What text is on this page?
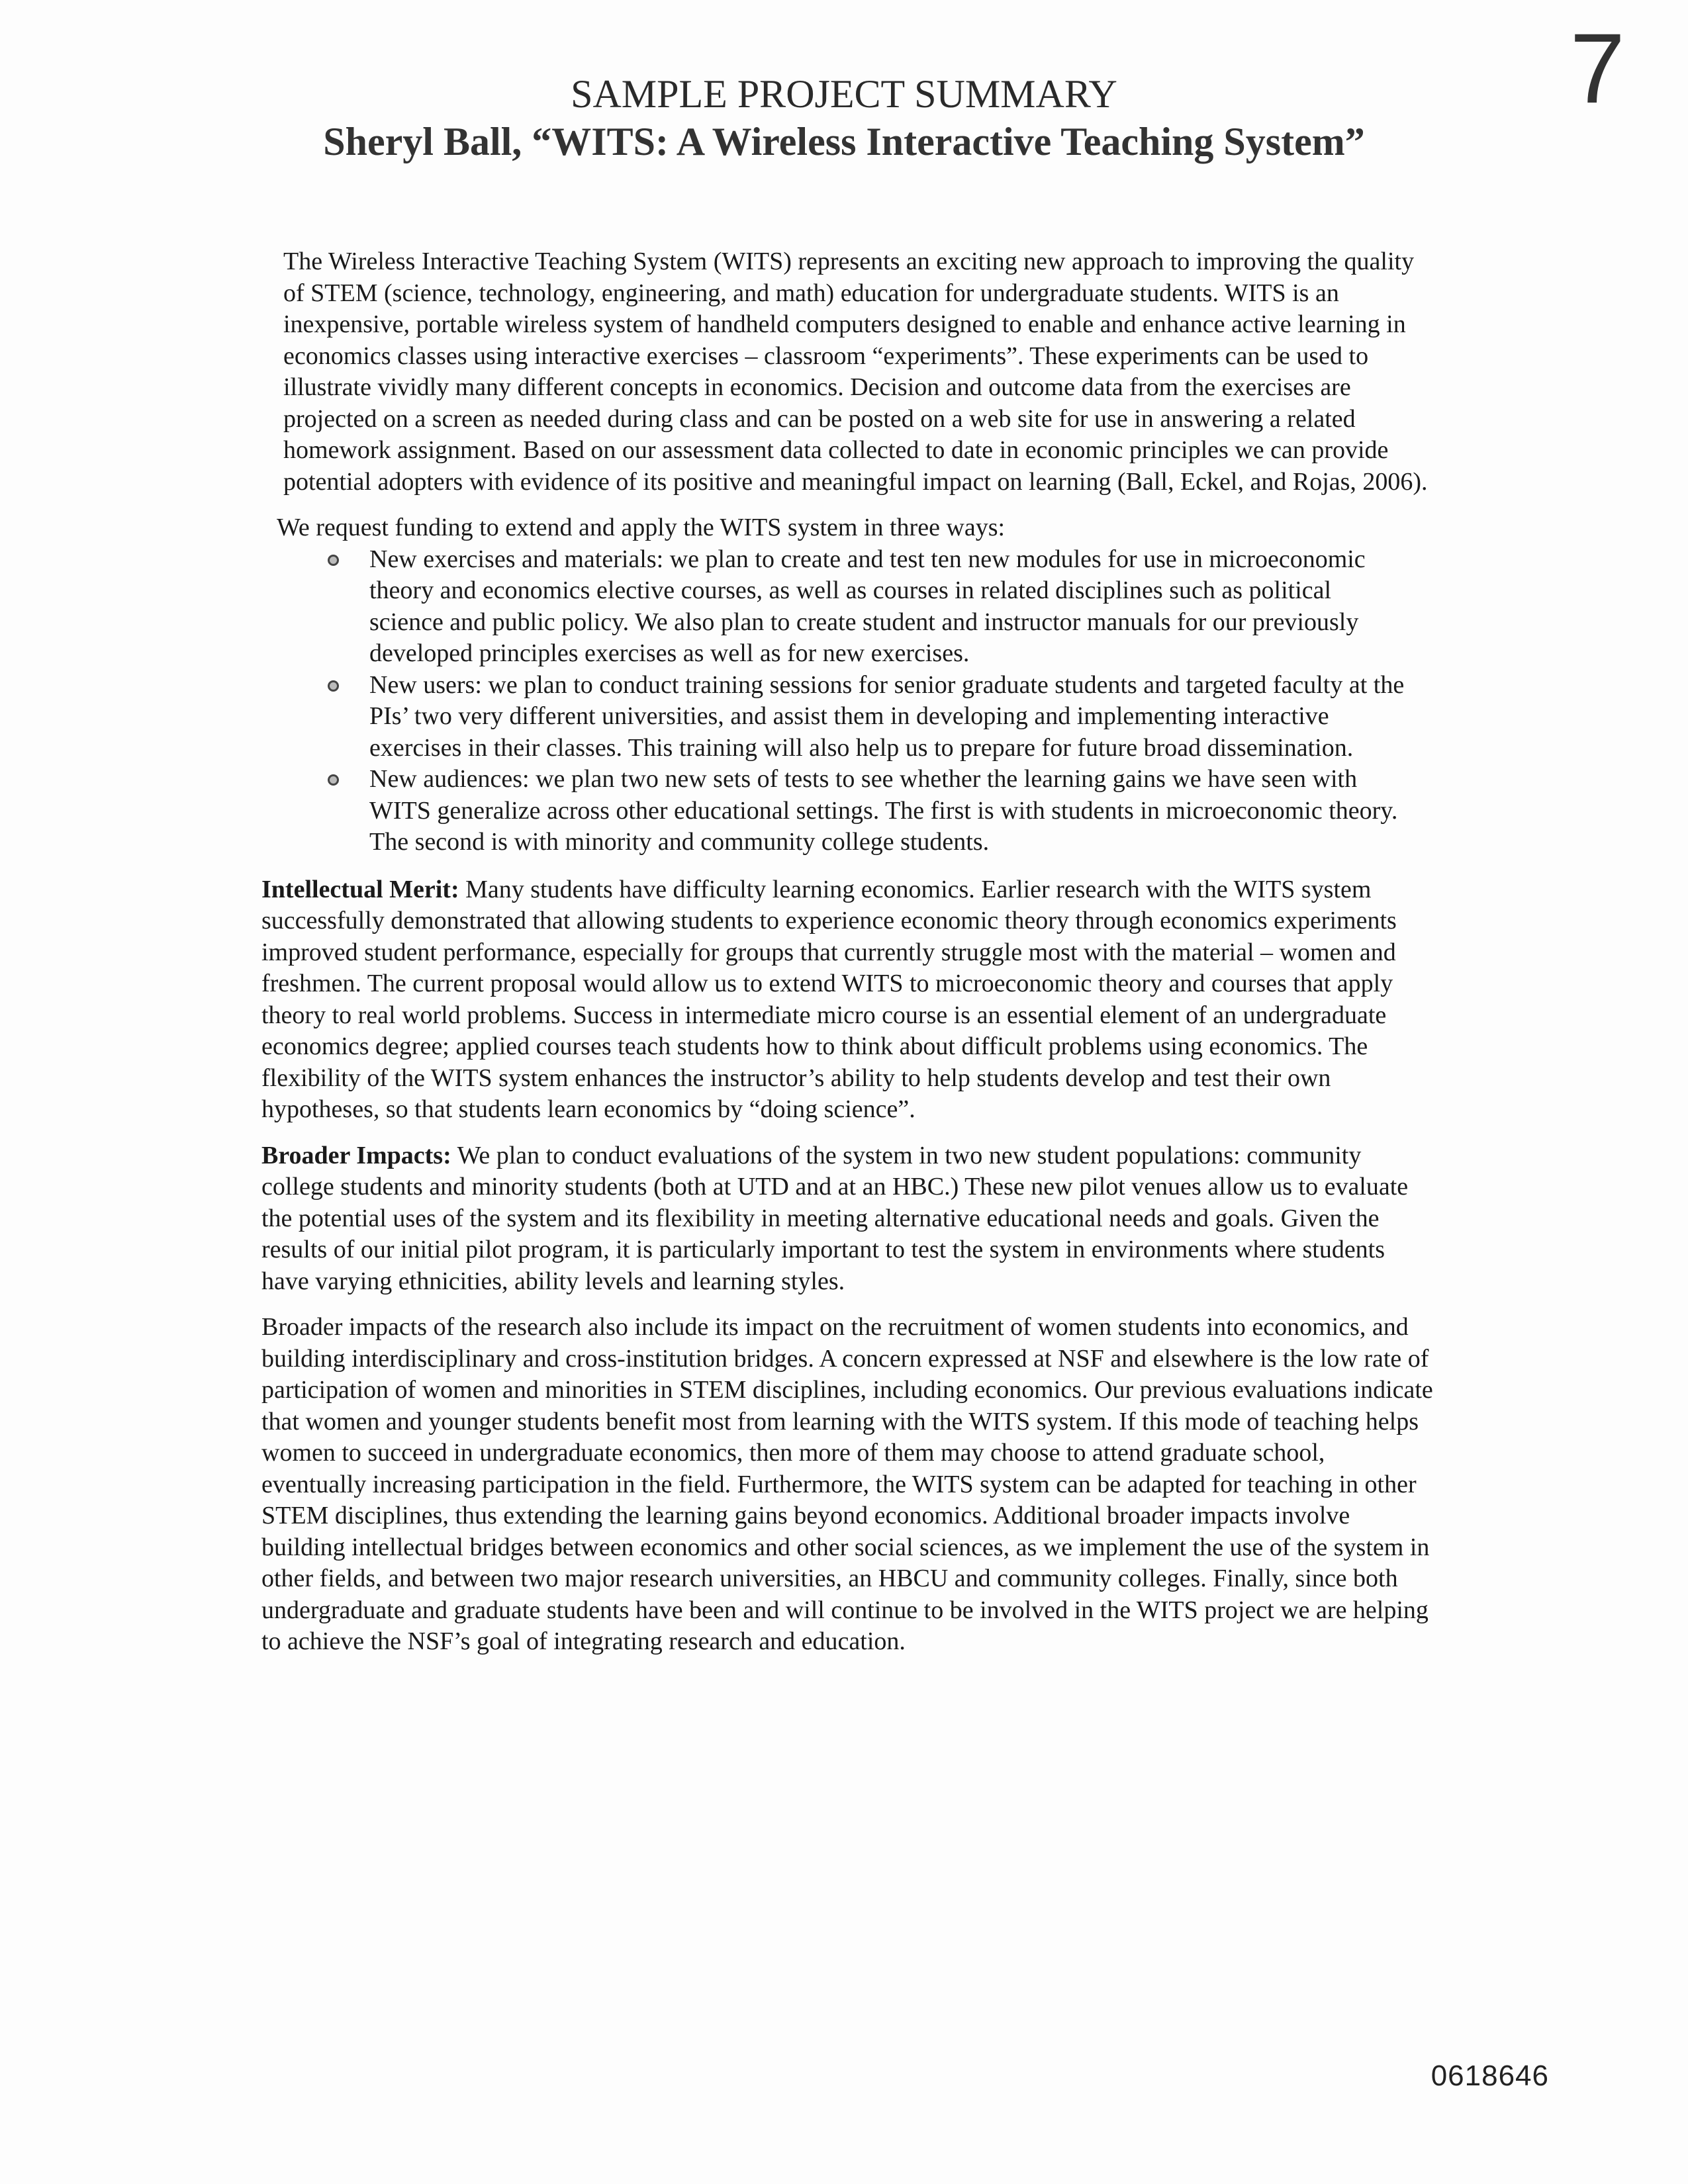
7
SAMPLE PROJECT SUMMARY
Sheryl Ball, “WITS: A Wireless Interactive Teaching System”

The Wireless Interactive Teaching System (WITS) represents an exciting new approach to improving the quality of STEM (science, technology, engineering, and math) education for undergraduate students. WITS is an inexpensive, portable wireless system of handheld computers designed to enable and enhance active learning in economics classes using interactive exercises – classroom “experiments”. These experiments can be used to illustrate vividly many different concepts in economics. Decision and outcome data from the exercises are projected on a screen as needed during class and can be posted on a web site for use in answering a related homework assignment. Based on our assessment data collected to date in economic principles we can provide potential adopters with evidence of its positive and meaningful impact on learning (Ball, Eckel, and Rojas, 2006).

We request funding to extend and apply the WITS system in three ways:

New exercises and materials: we plan to create and test ten new modules for use in microeconomic theory and economics elective courses, as well as courses in related disciplines such as political science and public policy. We also plan to create student and instructor manuals for our previously developed principles exercises as well as for new exercises.
New users: we plan to conduct training sessions for senior graduate students and targeted faculty at the PIs’ two very different universities, and assist them in developing and implementing interactive exercises in their classes. This training will also help us to prepare for future broad dissemination.
New audiences: we plan two new sets of tests to see whether the learning gains we have seen with WITS generalize across other educational settings. The first is with students in microeconomic theory. The second is with minority and community college students.

Intellectual Merit: Many students have difficulty learning economics. Earlier research with the WITS system successfully demonstrated that allowing students to experience economic theory through economics experiments improved student performance, especially for groups that currently struggle most with the material – women and freshmen. The current proposal would allow us to extend WITS to microeconomic theory and courses that apply theory to real world problems. Success in intermediate micro course is an essential element of an undergraduate economics degree; applied courses teach students how to think about difficult problems using economics. The flexibility of the WITS system enhances the instructor’s ability to help students develop and test their own hypotheses, so that students learn economics by “doing science”.

Broader Impacts: We plan to conduct evaluations of the system in two new student populations: community college students and minority students (both at UTD and at an HBC.) These new pilot venues allow us to evaluate the potential uses of the system and its flexibility in meeting alternative educational needs and goals. Given the results of our initial pilot program, it is particularly important to test the system in environments where students have varying ethnicities, ability levels and learning styles.

Broader impacts of the research also include its impact on the recruitment of women students into economics, and building interdisciplinary and cross-institution bridges. A concern expressed at NSF and elsewhere is the low rate of participation of women and minorities in STEM disciplines, including economics. Our previous evaluations indicate that women and younger students benefit most from learning with the WITS system. If this mode of teaching helps women to succeed in undergraduate economics, then more of them may choose to attend graduate school, eventually increasing participation in the field. Furthermore, the WITS system can be adapted for teaching in other STEM disciplines, thus extending the learning gains beyond economics. Additional broader impacts involve building intellectual bridges between economics and other social sciences, as we implement the use of the system in other fields, and between two major research universities, an HBCU and community colleges. Finally, since both undergraduate and graduate students have been and will continue to be involved in the WITS project we are helping to achieve the NSF’s goal of integrating research and education.

0618646
